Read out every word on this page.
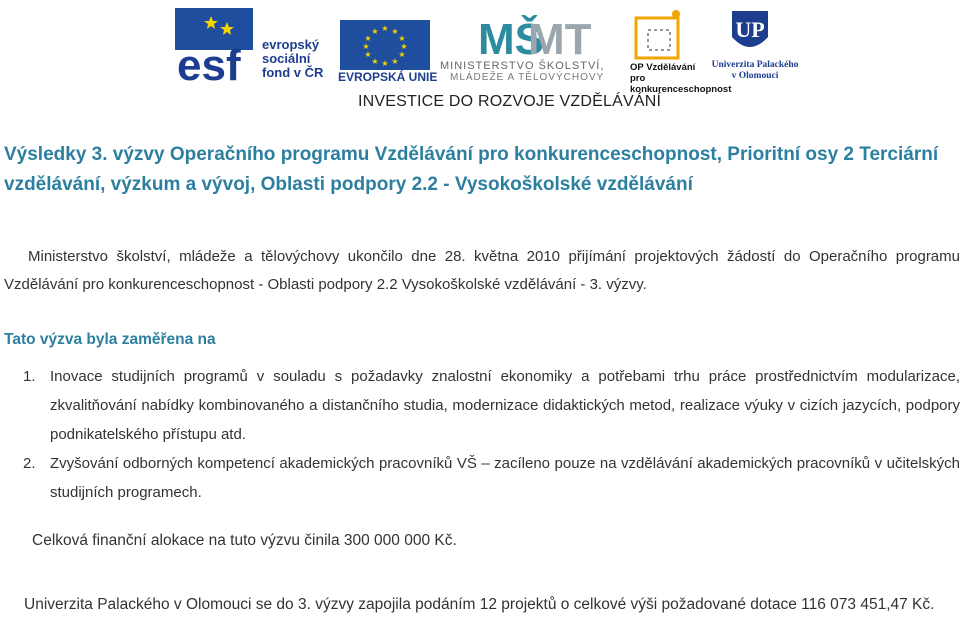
esf evropský
sociální
fond v ČR
★ ★
★
★
★
★
★
★
★
★
★
★
EVROPSKÁ UNIE
MŠ
MT
MINISTERSTVO ŠKOLSTVÍ,
MLÁDEŽE A TĚLOVÝCHOVY
OP Vzdělávání
pro konkurenceschopnost
UP
Univerzita Palackého
v Olomouci
INVESTICE DO ROZVOJE VZDĚLÁVÁNÍ
Výsledky 3. výzvy Operačního programu Vzdělávání pro konkurenceschopnost, Prioritní osy 2 Terciární vzdělávání, výzkum a vývoj, Oblasti podpory 2.2 - Vysokoškolské vzdělávání
Ministerstvo školství, mládeže a tělovýchovy ukončilo dne 28. května 2010 přijímání projektových žádostí do Operačního programu Vzdělávání pro konkurenceschopnost - Oblasti podpory 2.2 Vysokoškolské vzdělávání - 3. výzvy.
Tato výzva byla zaměřena na
1. Inovace studijních programů v souladu s požadavky znalostní ekonomiky a potřebami trhu práce prostřednictvím modularizace, zkvalitňování nabídky kombinovaného a distančního studia, modernizace didaktických metod, realizace výuky v cizích jazycích, podpory podnikatelského přístupu atd.
2. Zvyšování odborných kompetencí akademických pracovníků VŠ – zacíleno pouze na vzdělávání akademických pracovníků v učitelských studijních programech.
Celková finanční alokace na tuto výzvu činila 300 000 000 Kč.
Univerzita Palackého v Olomouci se do 3. výzvy zapojila podáním 12 projektů o celkové výši požadované dotace 116 073 451,47 Kč.
